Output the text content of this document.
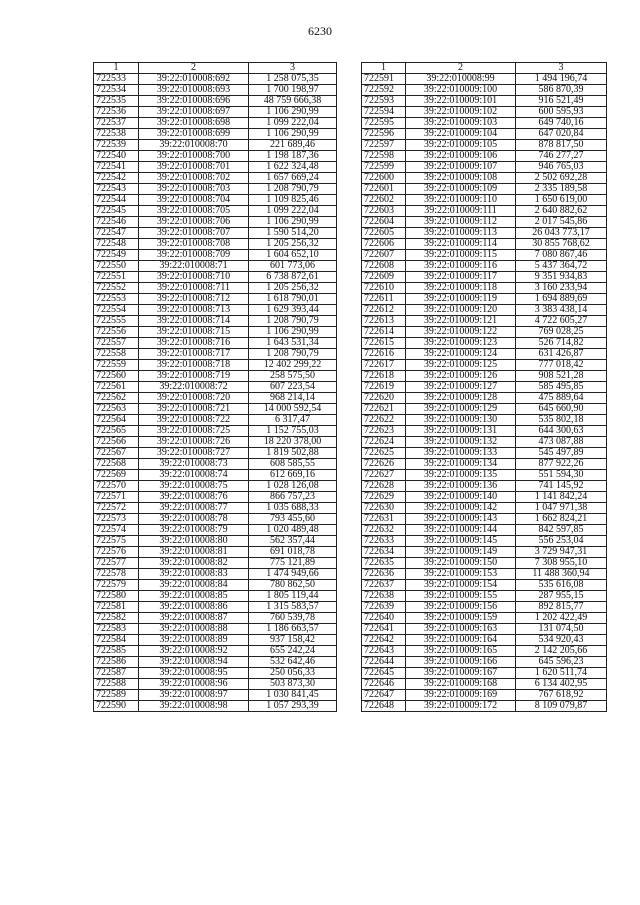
6230
1	2	3
722533	39:22:010008:692	1 258 075,35
722534	39:22:010008:693	1 700 198,97
722535	39:22:010008:696	48 759 666,38
722536	39:22:010008:697	1 106 290,99
722537	39:22:010008:698	1 099 222,04
722538	39:22:010008:699	1 106 290,99
722539	39:22:010008:70	221 689,46
722540	39:22:010008:700	1 198 187,36
722541	39:22:010008:701	1 622 324,48
722542	39:22:010008:702	1 657 669,24
722543	39:22:010008:703	1 208 790,79
722544	39:22:010008:704	1 109 825,46
722545	39:22:010008:705	1 099 222,04
722546	39:22:010008:706	1 106 290,99
722547	39:22:010008:707	1 590 514,20
722548	39:22:010008:708	1 205 256,32
722549	39:22:010008:709	1 604 652,10
722550	39:22:010008:71	601 773,06
722551	39:22:010008:710	6 738 872,61
722552	39:22:010008:711	1 205 256,32
722553	39:22:010008:712	1 618 790,01
722554	39:22:010008:713	1 629 393,44
722555	39:22:010008:714	1 208 790,79
722556	39:22:010008:715	1 106 290,99
722557	39:22:010008:716	1 643 531,34
722558	39:22:010008:717	1 208 790,79
722559	39:22:010008:718	12 402 299,22
722560	39:22:010008:719	258 575,50
722561	39:22:010008:72	607 223,54
722562	39:22:010008:720	968 214,14
722563	39:22:010008:721	14 000 592,54
722564	39:22:010008:722	6 317,47
722565	39:22:010008:725	1 152 755,03
722566	39:22:010008:726	18 220 378,00
722567	39:22:010008:727	1 819 502,88
722568	39:22:010008:73	608 585,55
722569	39:22:010008:74	612 669,16
722570	39:22:010008:75	1 028 126,08
722571	39:22:010008:76	866 757,23
722572	39:22:010008:77	1 035 688,33
722573	39:22:010008:78	793 455,60
722574	39:22:010008:79	1 020 489,48
722575	39:22:010008:80	562 357,44
722576	39:22:010008:81	691 018,78
722577	39:22:010008:82	775 121,89
722578	39:22:010008:83	1 474 949,66
722579	39:22:010008:84	780 862,50
722580	39:22:010008:85	1 805 119,44
722581	39:22:010008:86	1 315 583,57
722582	39:22:010008:87	760 539,78
722583	39:22:010008:88	1 186 663,57
722584	39:22:010008:89	937 158,42
722585	39:22:010008:92	655 242,24
722586	39:22:010008:94	532 642,46
722587	39:22:010008:95	250 056,33
722588	39:22:010008:96	503 873,30
722589	39:22:010008:97	1 030 841,45
722590	39:22:010008:98	1 057 293,39
1	2	3
722591	39:22:010008:99	1 494 196,74
722592	39:22:010009:100	586 870,39
722593	39:22:010009:101	916 521,49
722594	39:22:010009:102	600 595,93
722595	39:22:010009:103	649 740,16
722596	39:22:010009:104	647 020,84
722597	39:22:010009:105	878 817,50
722598	39:22:010009:106	746 277,27
722599	39:22:010009:107	946 765,03
722600	39:22:010009:108	2 502 692,28
722601	39:22:010009:109	2 335 189,58
722602	39:22:010009:110	1 650 619,00
722603	39:22:010009:111	2 640 882,62
722604	39:22:010009:112	2 017 545,86
722605	39:22:010009:113	26 043 773,17
722606	39:22:010009:114	30 855 768,62
722607	39:22:010009:115	7 080 867,46
722608	39:22:010009:116	5 437 364,72
722609	39:22:010009:117	9 351 934,83
722610	39:22:010009:118	3 160 233,94
722611	39:22:010009:119	1 694 889,69
722612	39:22:010009:120	3 383 438,14
722613	39:22:010009:121	4 722 605,27
722614	39:22:010009:122	769 028,25
722615	39:22:010009:123	526 714,82
722616	39:22:010009:124	631 426,87
722617	39:22:010009:125	777 018,42
722618	39:22:010009:126	908 521,28
722619	39:22:010009:127	585 495,85
722620	39:22:010009:128	475 889,64
722621	39:22:010009:129	645 660,90
722622	39:22:010009:130	535 802,18
722623	39:22:010009:131	644 300,63
722624	39:22:010009:132	473 087,88
722625	39:22:010009:133	545 497,89
722626	39:22:010009:134	877 922,26
722627	39:22:010009:135	551 594,30
722628	39:22:010009:136	741 145,92
722629	39:22:010009:140	1 141 842,24
722630	39:22:010009:142	1 047 971,38
722631	39:22:010009:143	1 662 824,21
722632	39:22:010009:144	842 597,85
722633	39:22:010009:145	556 253,04
722634	39:22:010009:149	3 729 947,31
722635	39:22:010009:150	7 308 955,10
722636	39:22:010009:153	11 488 360,94
722637	39:22:010009:154	535 616,08
722638	39:22:010009:155	287 955,15
722639	39:22:010009:156	892 815,77
722640	39:22:010009:159	1 202 422,49
722641	39:22:010009:163	131 074,50
722642	39:22:010009:164	534 920,43
722643	39:22:010009:165	2 142 205,66
722644	39:22:010009:166	645 596,23
722645	39:22:010009:167	1 620 511,74
722646	39:22:010009:168	6 134 402,95
722647	39:22:010009:169	767 618,92
722648	39:22:010009:172	8 109 079,87
